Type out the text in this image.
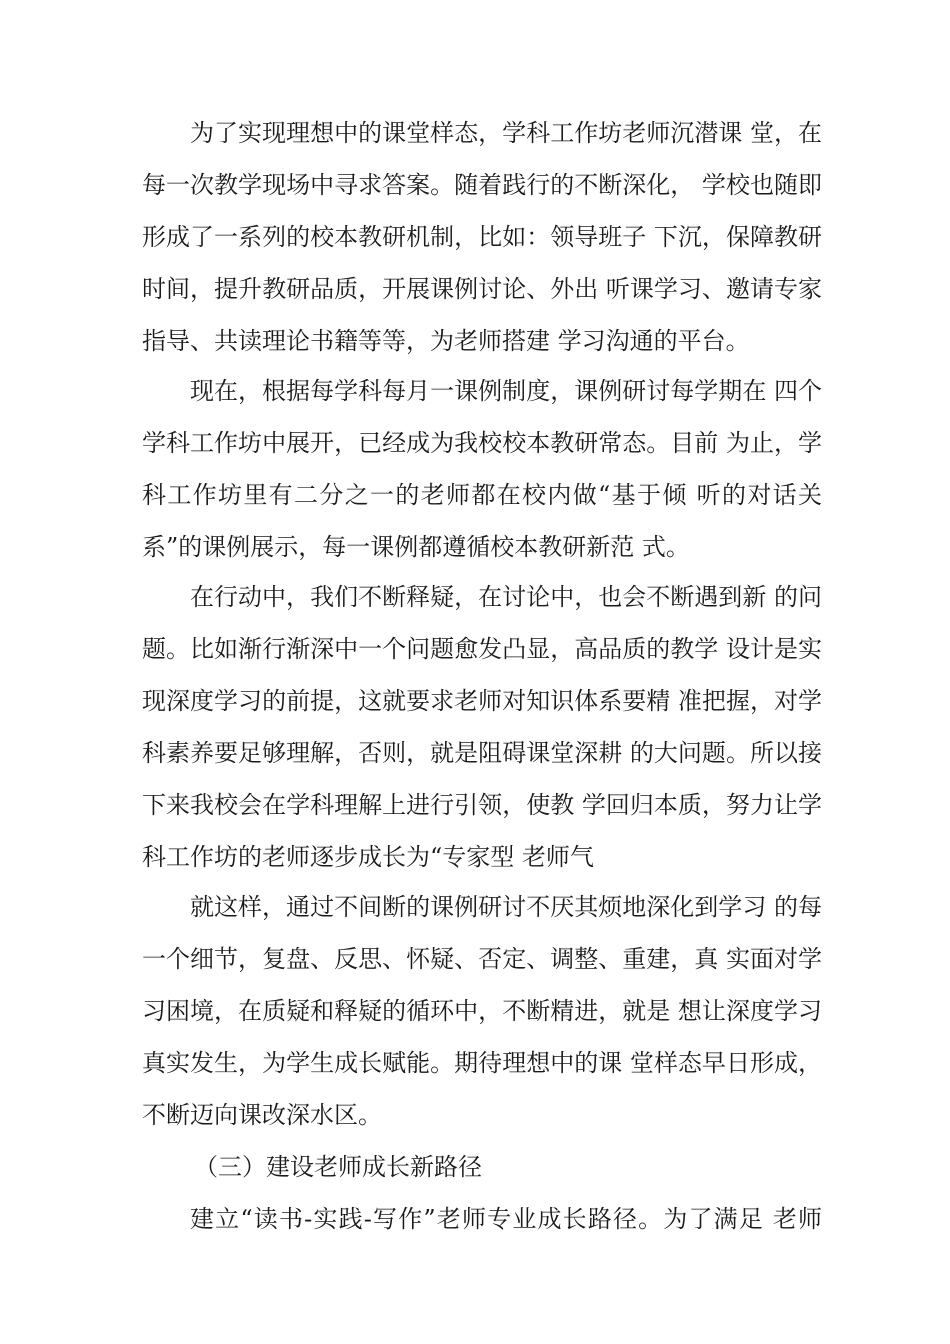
为了实现理想中的课堂样态，学科工作坊老师沉潜课 堂，在
每一次教学现场中寻求答案。随着践行的不断深化， 学校也随即
形成了一系列的校本教研机制，比如：领导班子 下沉，保障教研
时间，提升教研品质，开展课例讨论、外出 听课学习、邀请专家
指导、共读理论书籍等等，为老师搭建 学习沟通的平台。
现在，根据每学科每月一课例制度，课例研讨每学期在 四个
学科工作坊中展开，已经成为我校校本教研常态。目前 为止，学
科工作坊里有二分之一的老师都在校内做“基于倾 听的对话关
系”的课例展示，每一课例都遵循校本教研新范 式。
在行动中，我们不断释疑，在讨论中，也会不断遇到新 的问
题。比如渐行渐深中一个问题愈发凸显，高品质的教学 设计是实
现深度学习的前提，这就要求老师对知识体系要精 准把握，对学
科素养要足够理解，否则，就是阻碍课堂深耕 的大问题。所以接
下来我校会在学科理解上进行引领，使教 学回归本质，努力让学
科工作坊的老师逐步成长为“专家型 老师气
就这样，通过不间断的课例研讨不厌其烦地深化到学习 的每
一个细节，复盘、反思、怀疑、否定、调整、重建，真 实面对学
习困境，在质疑和释疑的循环中，不断精进，就是 想让深度学习
真实发生，为学生成长赋能。期待理想中的课 堂样态早日形成，
不断迈向课改深水区。
（三）建设老师成长新路径
建立“读书-实践-写作”老师专业成长路径。为了满足 老师
